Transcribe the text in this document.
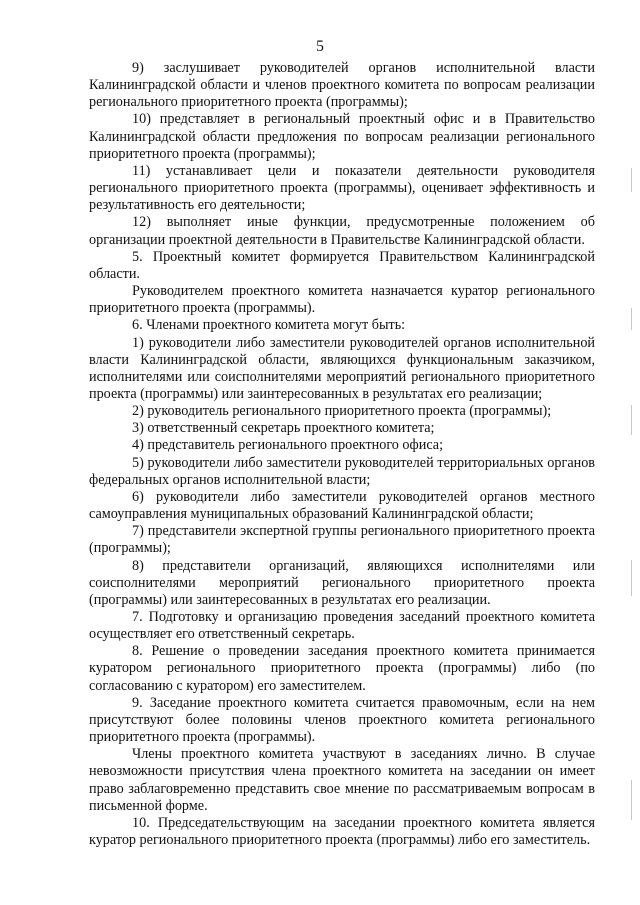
5

9) заслушивает руководителей органов исполнительной власти Калининградской области и членов проектного комитета по вопросам реализации регионального приоритетного проекта (программы);

10) представляет в региональный проектный офис и в Правительство Калининградской области предложения по вопросам реализации регионального приоритетного проекта (программы);

11) устанавливает цели и показатели деятельности руководителя регионального приоритетного проекта (программы), оценивает эффективность и результативность его деятельности;

12) выполняет иные функции, предусмотренные положением об организации проектной деятельности в Правительстве Калининградской области.

5. Проектный комитет формируется Правительством Калининградской области.

Руководителем проектного комитета назначается куратор регионального приоритетного проекта (программы).

6. Членами проектного комитета могут быть:

1) руководители либо заместители руководителей органов исполнительной власти Калининградской области, являющихся функциональным заказчиком, исполнителями или соисполнителями мероприятий регионального приоритетного проекта (программы) или заинтересованных в результатах его реализации;

2) руководитель регионального приоритетного проекта (программы);

3) ответственный секретарь проектного комитета;

4) представитель регионального проектного офиса;

5) руководители либо заместители руководителей территориальных органов федеральных органов исполнительной власти;

6) руководители либо заместители руководителей органов местного самоуправления муниципальных образований Калининградской области;

7) представители экспертной группы регионального приоритетного проекта (программы);

8) представители организаций, являющихся исполнителями или соисполнителями мероприятий регионального приоритетного проекта (программы) или заинтересованных в результатах его реализации.

7. Подготовку и организацию проведения заседаний проектного комитета осуществляет его ответственный секретарь.

8. Решение о проведении заседания проектного комитета принимается куратором регионального приоритетного проекта (программы) либо (по согласованию с куратором) его заместителем.

9. Заседание проектного комитета считается правомочным, если на нем присутствуют более половины членов проектного комитета регионального приоритетного проекта (программы).

Члены проектного комитета участвуют в заседаниях лично. В случае невозможности присутствия члена проектного комитета на заседании он имеет право заблаговременно представить свое мнение по рассматриваемым вопросам в письменной форме.

10. Председательствующим на заседании проектного комитета является куратор регионального приоритетного проекта (программы) либо его заместитель.
